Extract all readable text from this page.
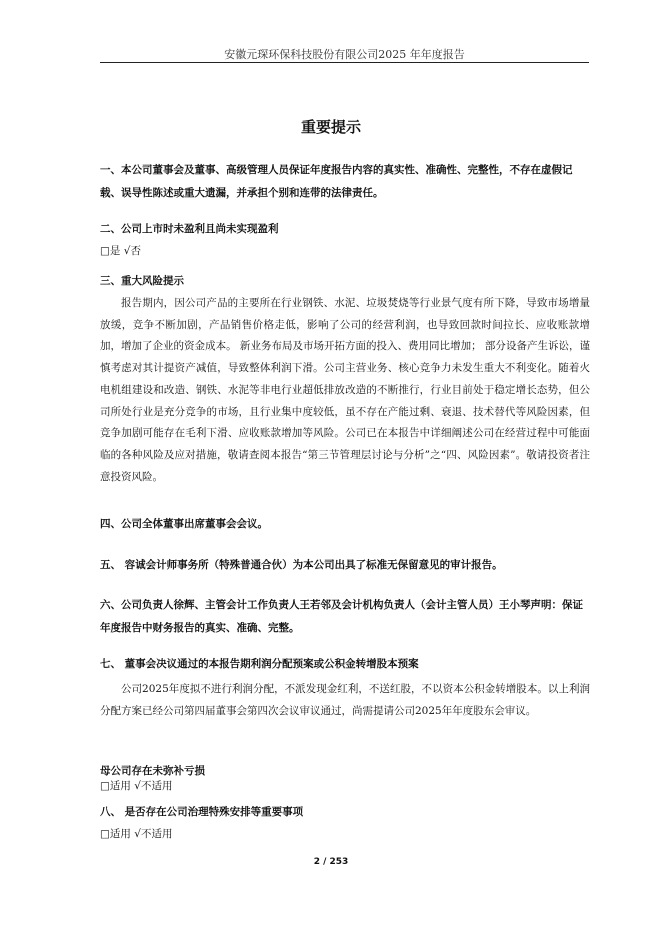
安徽元琛环保科技股份有限公司2025 年年度报告
重要提示
一、本公司董事会及董事、高级管理人员保证年度报告内容的真实性、准确性、完整性，不存在虚假记载、误导性陈述或重大遗漏，并承担个别和连带的法律责任。
二、公司上市时未盈利且尚未实现盈利
□是 √否
三、重大风险提示
报告期内，因公司产品的主要所在行业钢铁、水泥、垃圾焚烧等行业景气度有所下降，导致市场增量放缓，竞争不断加剧，产品销售价格走低，影响了公司的经营利润，也导致回款时间拉长、应收账款增加，增加了企业的资金成本。 新业务布局及市场开拓方面的投入、费用同比增加； 部分设备产生诉讼，谨慎考虑对其计提资产减值，导致整体利润下滑。公司主营业务、核心竞争力未发生重大不利变化。随着火电机组建设和改造、钢铁、水泥等非电行业超低排放改造的不断推行，行业目前处于稳定增长态势，但公司所处行业是充分竞争的市场，且行业集中度较低，虽不存在产能过剩、衰退、技术替代等风险因素，但竞争加剧可能存在毛利下滑、应收账款增加等风险。公司已在本报告中详细阐述公司在经营过程中可能面临的各种风险及应对措施，敬请查阅本报告“第三节管理层讨论与分析”之“四、风险因素”。敬请投资者注意投资风险。
四、公司全体董事出席董事会会议。
五、 容诚会计师事务所（特殊普通合伙）为本公司出具了标准无保留意见的审计报告。
六、公司负责人徐辉、主管会计工作负责人王若邻及会计机构负责人（会计主管人员）王小琴声明：保证年度报告中财务报告的真实、准确、完整。
七、 董事会决议通过的本报告期利润分配预案或公积金转增股本预案
公司2025年度拟不进行利润分配，不派发现金红利，不送红股，不以资本公积金转增股本。以上利润分配方案已经公司第四届董事会第四次会议审议通过，尚需提请公司2025年年度股东会审议。
母公司存在未弥补亏损
□适用 √不适用
八、 是否存在公司治理特殊安排等重要事项
□适用 √不适用
2 / 253
